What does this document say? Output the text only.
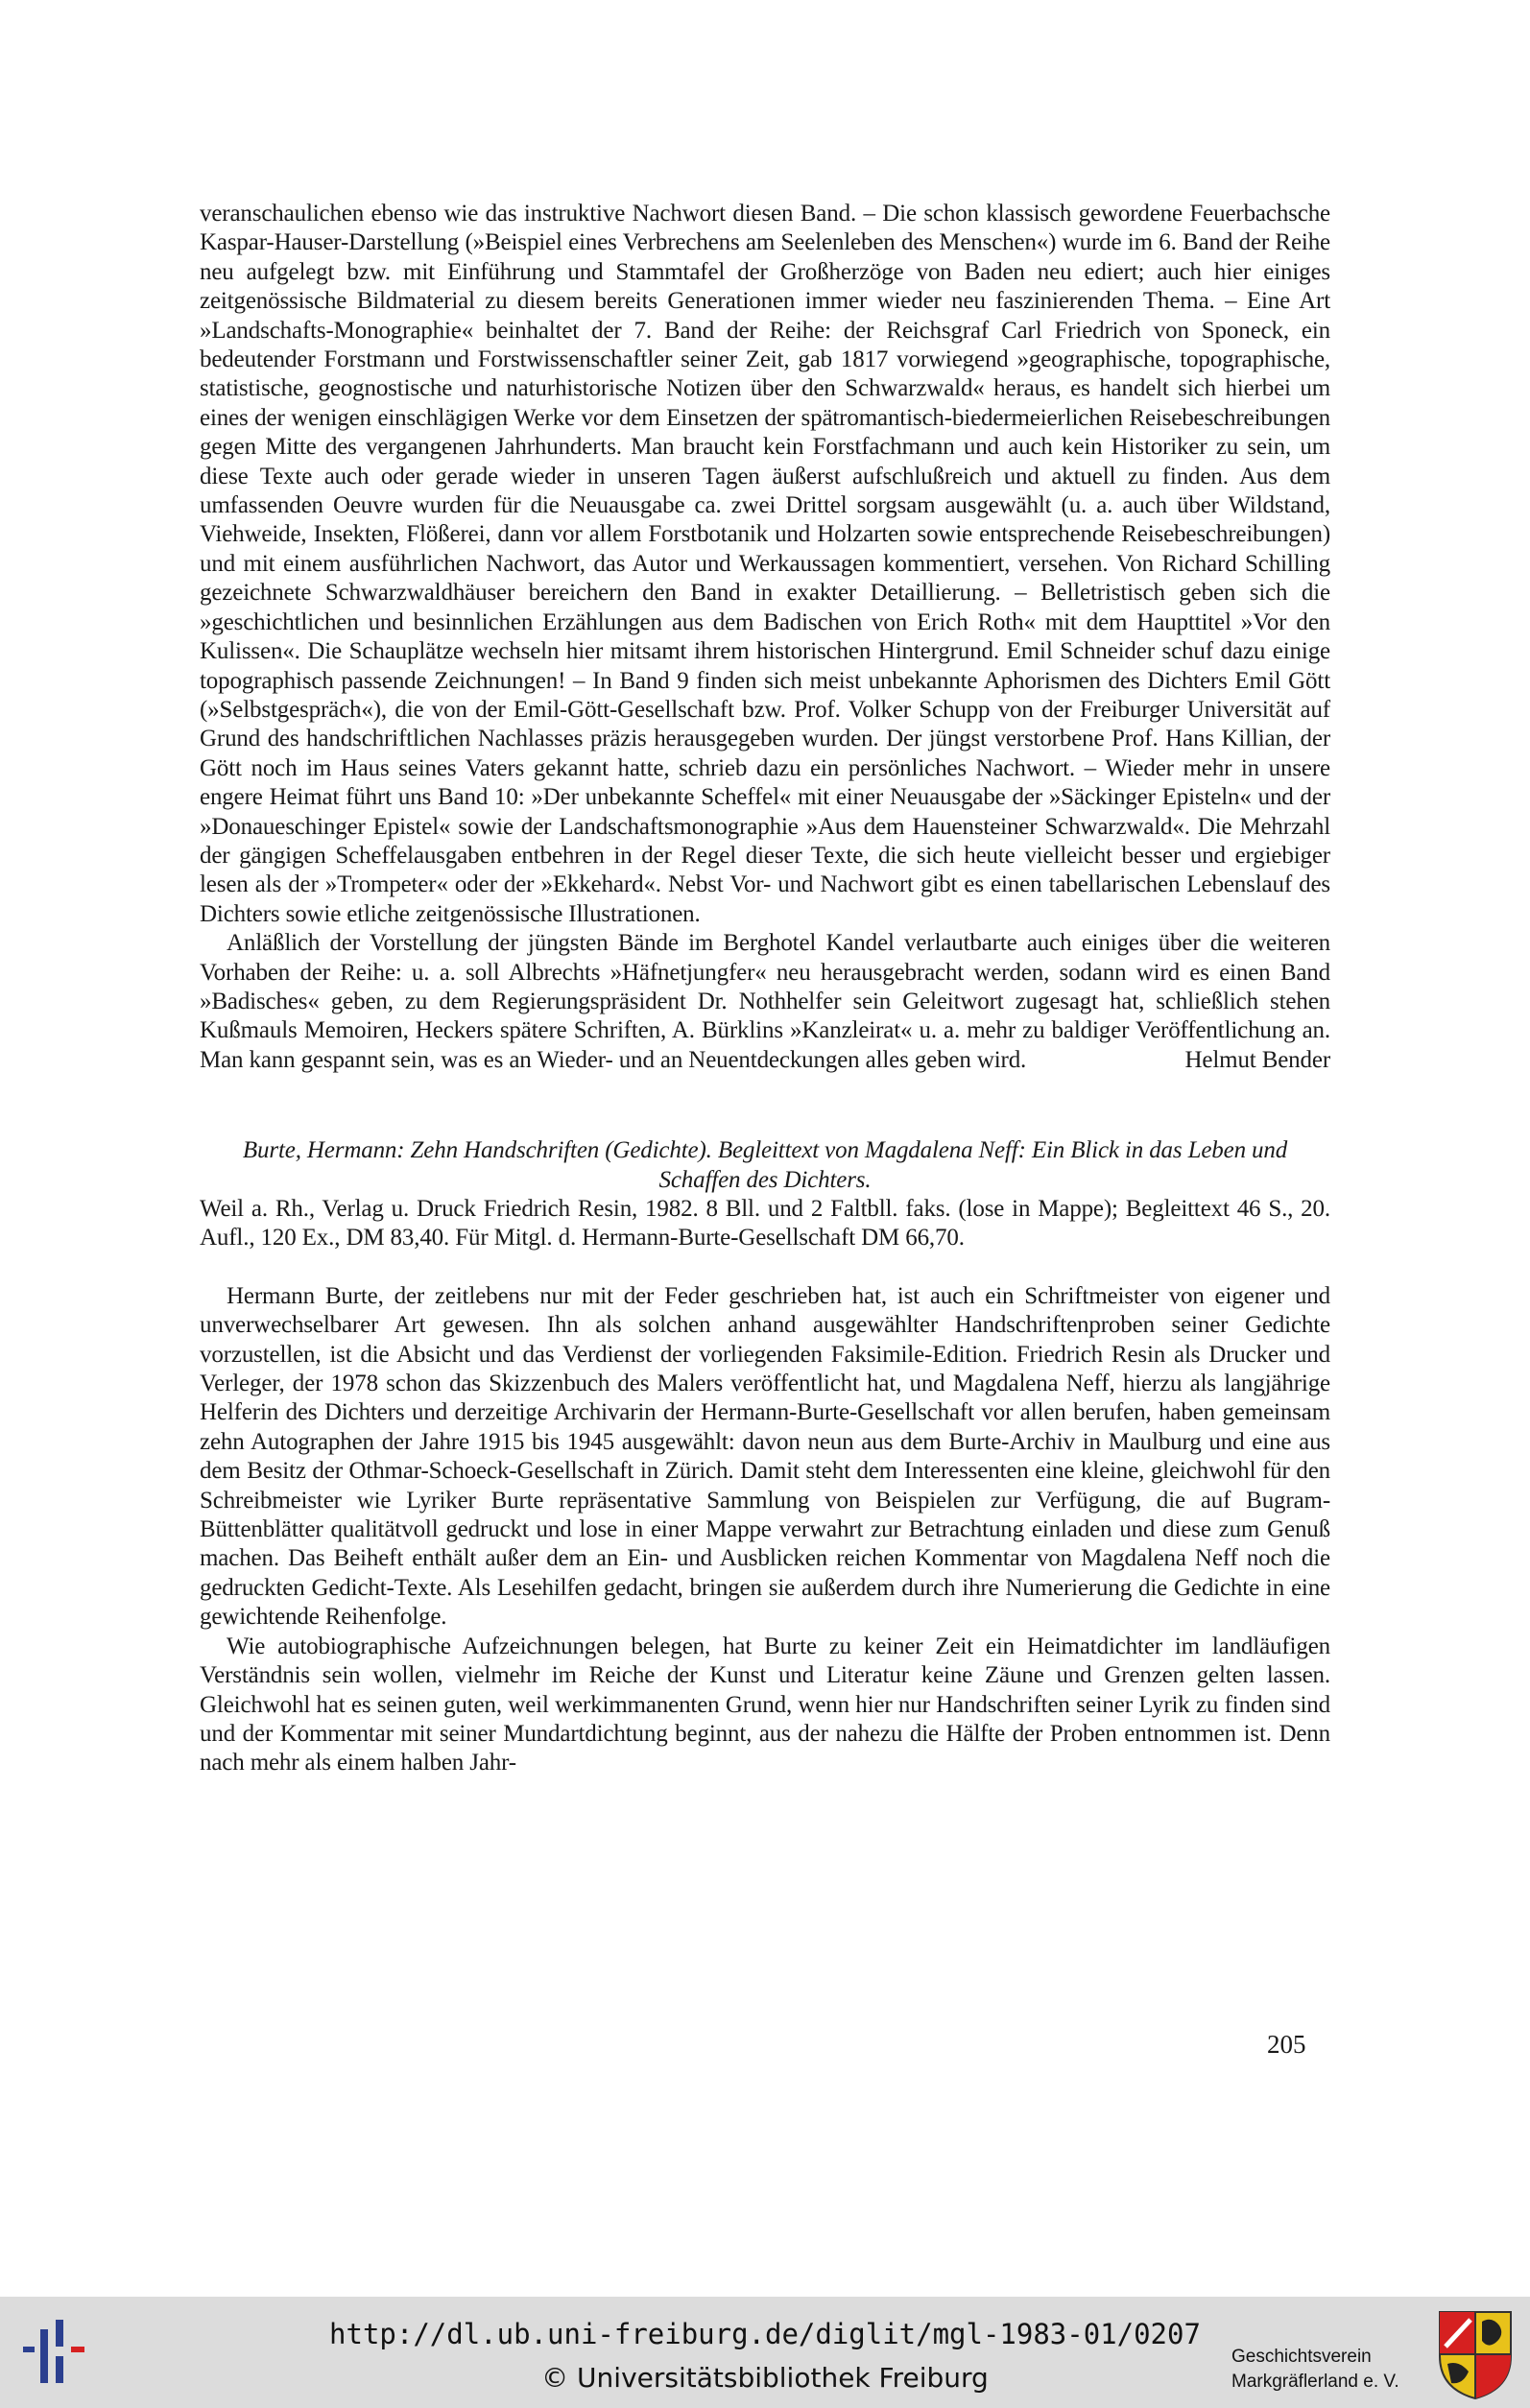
veranschaulichen ebenso wie das instruktive Nachwort diesen Band. – Die schon klassisch gewordene Feuerbachsche Kaspar-Hauser-Darstellung (»Beispiel eines Verbrechens am Seelenleben des Menschen«) wurde im 6. Band der Reihe neu aufgelegt bzw. mit Einführung und Stammtafel der Großherzöge von Baden neu ediert; auch hier einiges zeitgenössische Bildmaterial zu diesem bereits Generationen immer wieder neu faszinierenden Thema. – Eine Art »Landschafts-Monographie« beinhaltet der 7. Band der Reihe: der Reichsgraf Carl Friedrich von Sponeck, ein bedeutender Forstmann und Forstwissenschaftler seiner Zeit, gab 1817 vorwiegend »geographische, topographische, statistische, geognostische und naturhistorische Notizen über den Schwarzwald« heraus, es handelt sich hierbei um eines der wenigen einschlägigen Werke vor dem Einsetzen der spätromantisch-biedermeierlichen Reisebeschreibungen gegen Mitte des vergangenen Jahrhunderts. Man braucht kein Forstfachmann und auch kein Historiker zu sein, um diese Texte auch oder gerade wieder in unseren Tagen äußerst aufschlußreich und aktuell zu finden. Aus dem umfassenden Oeuvre wurden für die Neuausgabe ca. zwei Drittel sorgsam ausgewählt (u. a. auch über Wildstand, Viehweide, Insekten, Flößerei, dann vor allem Forstbotanik und Holzarten sowie entsprechende Reisebeschreibungen) und mit einem ausführlichen Nachwort, das Autor und Werkaussagen kommentiert, versehen. Von Richard Schilling gezeichnete Schwarzwaldhäuser bereichern den Band in exakter Detaillierung. – Belletristisch geben sich die »geschichtlichen und besinnlichen Erzählungen aus dem Badischen von Erich Roth« mit dem Haupttitel »Vor den Kulissen«. Die Schauplätze wechseln hier mitsamt ihrem historischen Hintergrund. Emil Schneider schuf dazu einige topographisch passende Zeichnungen! – In Band 9 finden sich meist unbekannte Aphorismen des Dichters Emil Gött (»Selbstgespräch«), die von der Emil-Gött-Gesellschaft bzw. Prof. Volker Schupp von der Freiburger Universität auf Grund des handschriftlichen Nachlasses präzis herausgegeben wurden. Der jüngst verstorbene Prof. Hans Killian, der Gött noch im Haus seines Vaters gekannt hatte, schrieb dazu ein persönliches Nachwort. – Wieder mehr in unsere engere Heimat führt uns Band 10: »Der unbekannte Scheffel« mit einer Neuausgabe der »Säckinger Episteln« und der »Donaueschinger Epistel« sowie der Landschaftsmonographie »Aus dem Hauensteiner Schwarzwald«. Die Mehrzahl der gängigen Scheffelausgaben entbehren in der Regel dieser Texte, die sich heute vielleicht besser und ergiebiger lesen als der »Trompeter« oder der »Ekkehard«. Nebst Vor- und Nachwort gibt es einen tabellarischen Lebenslauf des Dichters sowie etliche zeitgenössische Illustrationen.

Anläßlich der Vorstellung der jüngsten Bände im Berghotel Kandel verlautbarte auch einiges über die weiteren Vorhaben der Reihe: u. a. soll Albrechts »Häfnetjungfer« neu herausgebracht werden, sodann wird es einen Band »Badisches« geben, zu dem Regierungspräsident Dr. Nothhelfer sein Geleitwort zugesagt hat, schließlich stehen Kußmauls Memoiren, Heckers spätere Schriften, A. Bürklins »Kanzleirat« u. a. mehr zu baldiger Veröffentlichung an. Man kann gespannt sein, was es an Wieder- und an Neuentdeckungen alles geben wird.	Helmut Bender

Burte, Hermann: Zehn Handschriften (Gedichte). Begleittext von Magdalena Neff: Ein Blick in das Leben und Schaffen des Dichters.

Weil a. Rh., Verlag u. Druck Friedrich Resin, 1982. 8 Bll. und 2 Faltbll. faks. (lose in Mappe); Begleittext 46 S., 20. Aufl., 120 Ex., DM 83,40. Für Mitgl. d. Hermann-Burte-Gesellschaft DM 66,70.

Hermann Burte, der zeitlebens nur mit der Feder geschrieben hat, ist auch ein Schriftmeister von eigener und unverwechselbarer Art gewesen. Ihn als solchen anhand ausgewählter Handschriftenproben seiner Gedichte vorzustellen, ist die Absicht und das Verdienst der vorliegenden Faksimile-Edition. Friedrich Resin als Drucker und Verleger, der 1978 schon das Skizzenbuch des Malers veröffentlicht hat, und Magdalena Neff, hierzu als langjährige Helferin des Dichters und derzeitige Archivarin der Hermann-Burte-Gesellschaft vor allen berufen, haben gemeinsam zehn Autographen der Jahre 1915 bis 1945 ausgewählt: davon neun aus dem Burte-Archiv in Maulburg und eine aus dem Besitz der Othmar-Schoeck-Gesellschaft in Zürich. Damit steht dem Interessenten eine kleine, gleichwohl für den Schreibmeister wie Lyriker Burte repräsentative Sammlung von Beispielen zur Verfügung, die auf Bugram-Büttenblätter qualitätvoll gedruckt und lose in einer Mappe verwahrt zur Betrachtung einladen und diese zum Genuß machen. Das Beiheft enthält außer dem an Ein- und Ausblicken reichen Kommentar von Magdalena Neff noch die gedruckten Gedicht-Texte. Als Lesehilfen gedacht, bringen sie außerdem durch ihre Numerierung die Gedichte in eine gewichtende Reihenfolge.

Wie autobiographische Aufzeichnungen belegen, hat Burte zu keiner Zeit ein Heimatdichter im landläufigen Verständnis sein wollen, vielmehr im Reiche der Kunst und Literatur keine Zäune und Grenzen gelten lassen. Gleichwohl hat es seinen guten, weil werkimmanenten Grund, wenn hier nur Handschriften seiner Lyrik zu finden sind und der Kommentar mit seiner Mundartdichtung beginnt, aus der nahezu die Hälfte der Proben entnommen ist. Denn nach mehr als einem halben Jahr-

205
http://dl.ub.uni-freiburg.de/diglit/mgl-1983-01/0207
© Universitätsbibliothek Freiburg
Geschichtsverein
Markgräflerland e. V.
